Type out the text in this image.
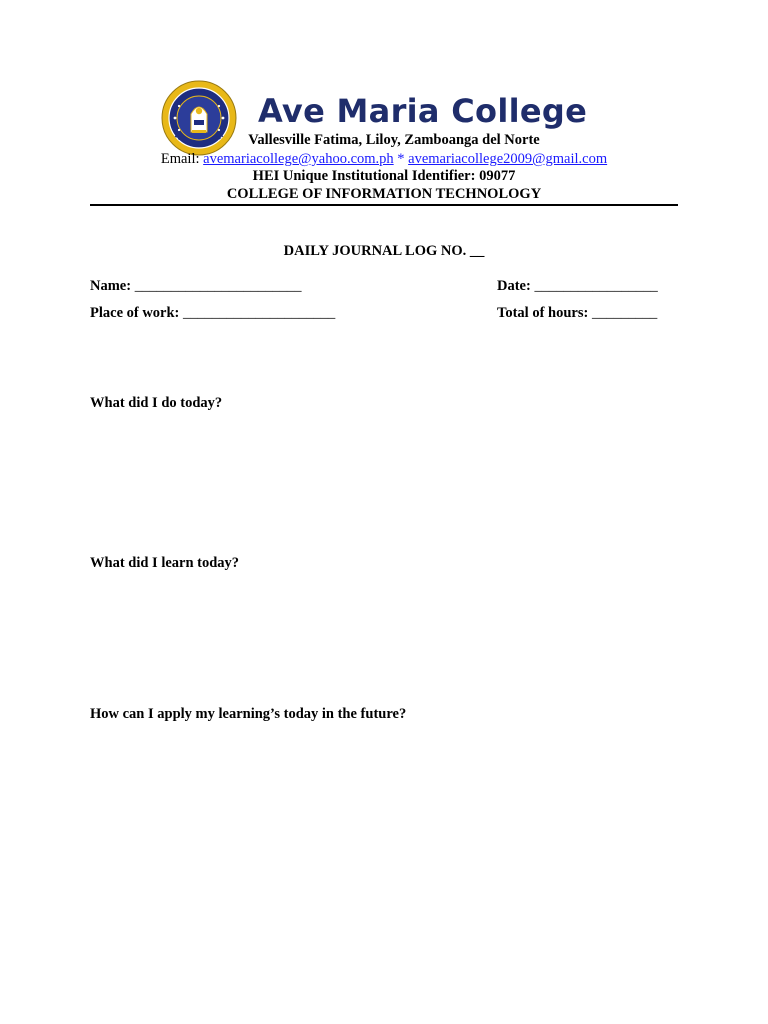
Ave Maria College
Vallesville Fatima, Liloy, Zamboanga del Norte
Email: avemariacollege@yahoo.com.ph * avemariacollege2009@gmail.com
HEI Unique Institutional Identifier: 09077
COLLEGE OF INFORMATION TECHNOLOGY
DAILY JOURNAL LOG NO. __
Name: _______________________	Date: _________________
Place of work: _____________________	Total of hours: _________
What did I do today?
What did I learn today?
How can I apply my learning’s today in the future?
